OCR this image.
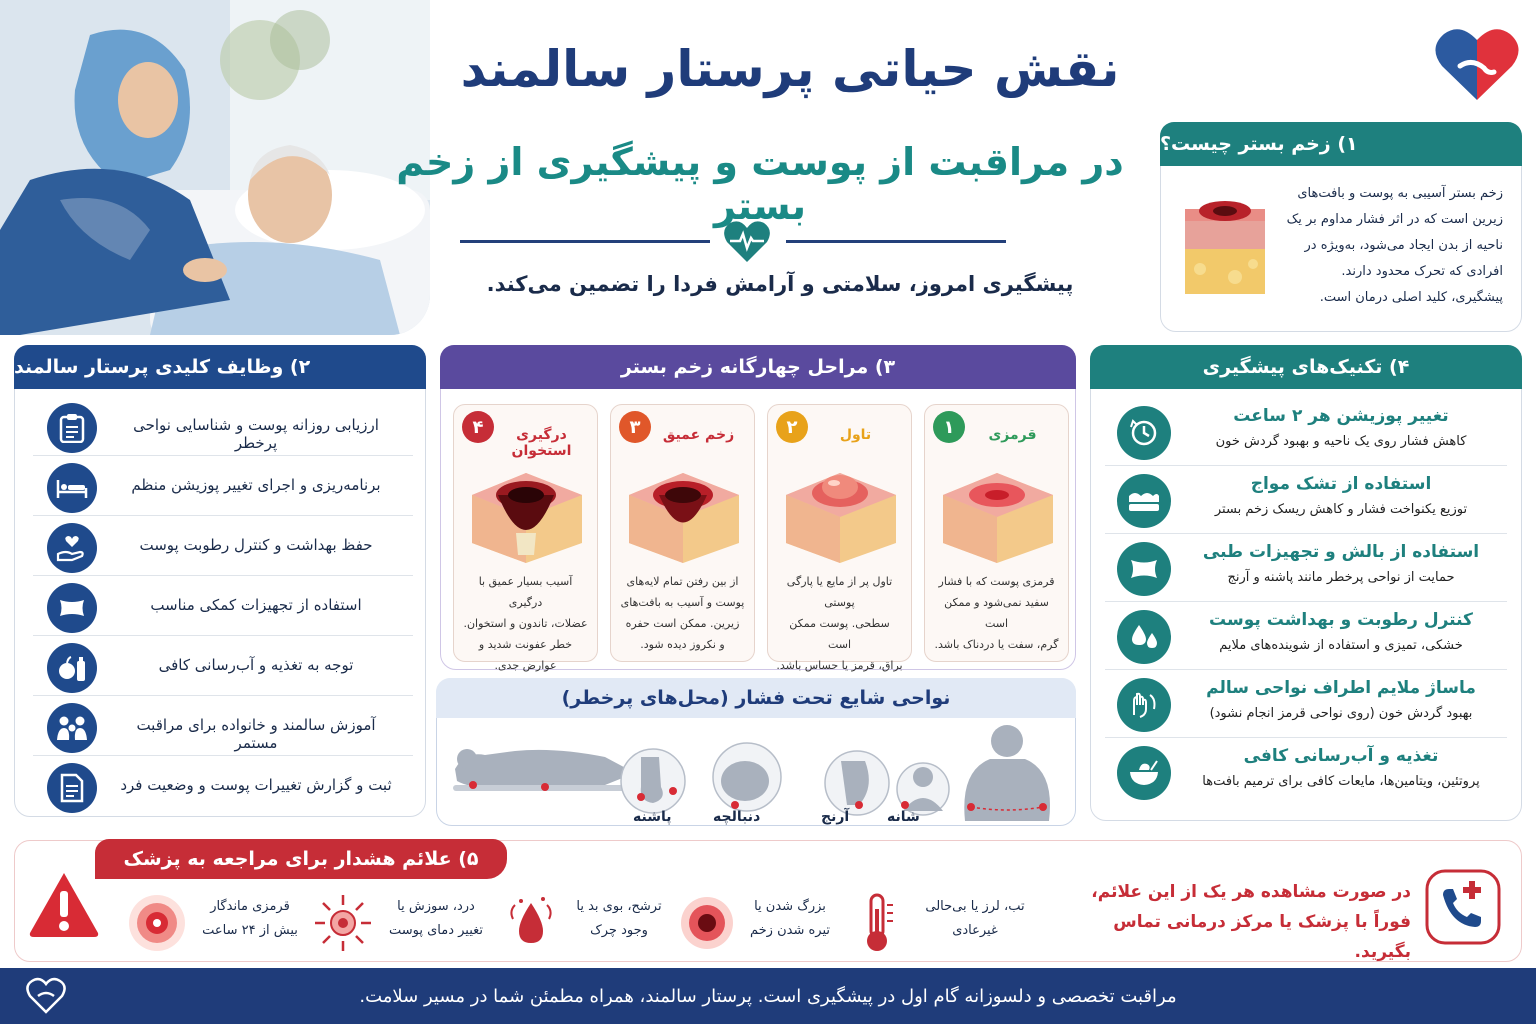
نقش حیاتی پرستار سالمند
در مراقبت از پوست و پیشگیری از زخم بستر
پیشگیری امروز، سلامتی و آرامش فردا را تضمین می‌کند.
۱) زخم بستر چیست؟
زخم بستر آسیبی به پوست و بافت‌های
زیرین است که در اثر فشار مداوم بر یک
ناحیه از بدن ایجاد می‌شود، به‌ویژه در
افرادی که تحرک محدود دارند.
پیشگیری، کلید اصلی درمان است.
۲) وظایف کلیدی پرستار سالمند
ارزیابی روزانه پوست و شناسایی نواحی پرخطر
برنامه‌ریزی و اجرای تغییر پوزیشن منظم
حفظ بهداشت و کنترل رطوبت پوست
استفاده از تجهیزات کمکی مناسب
توجه به تغذیه و آب‌رسانی کافی
آموزش سالمند و خانواده برای مراقبت مستمر
ثبت و گزارش تغییرات پوست و وضعیت فرد
۳) مراحل چهارگانه زخم بستر
۱	قرمزی
قرمزی پوست که با فشار
سفید نمی‌شود و ممکن است
گرم، سفت یا دردناک باشد.
۲	تاول
تاول پر از مایع یا پارگی پوستی
سطحی. پوست ممکن است
براق، قرمز یا حساس باشد.
۳	زخم عمیق
از بین رفتن تمام لایه‌های
پوست و آسیب به بافت‌های
زیرین. ممکن است حفره
و نکروز دیده شود.
۴	درگیری استخوان
آسیب بسیار عمیق با درگیری
عضلات، تاندون و استخوان.
خطر عفونت شدید و
عوارض جدی.
نواحی شایع تحت فشار (محل‌های پرخطر)
شانه
آرنج
دنبالچه
پاشنه
۴) تکنیک‌های پیشگیری
تغییر پوزیشن هر ۲ ساعت
کاهش فشار روی یک ناحیه و بهبود گردش خون
استفاده از تشک مواج
توزیع یکنواخت فشار و کاهش ریسک زخم بستر
استفاده از بالش و تجهیزات طبی
حمایت از نواحی پرخطر مانند پاشنه و آرنج
کنترل رطوبت و بهداشت پوست
خشکی، تمیزی و استفاده از شوینده‌های ملایم
ماساژ ملایم اطراف نواحی سالم
بهبود گردش خون (روی نواحی قرمز انجام نشود)
تغذیه و آب‌رسانی کافی
پروتئین، ویتامین‌ها، مایعات کافی برای ترمیم بافت‌ها
۵) علائم هشدار برای مراجعه به پزشک
تب، لرز یا بی‌حالی
غیرعادی
بزرگ شدن یا
تیره شدن زخم
ترشح، بوی بد یا
وجود چرک
درد، سوزش یا
تغییر دمای پوست
قرمزی ماندگار
بیش از ۲۴ ساعت
در صورت مشاهده هر یک از این علائم،
فوراً با پزشک یا مرکز درمانی تماس بگیرید.
مراقبت تخصصی و دلسوزانه گام اول در پیشگیری است. پرستار سالمند، همراه مطمئن شما در مسیر سلامت.
